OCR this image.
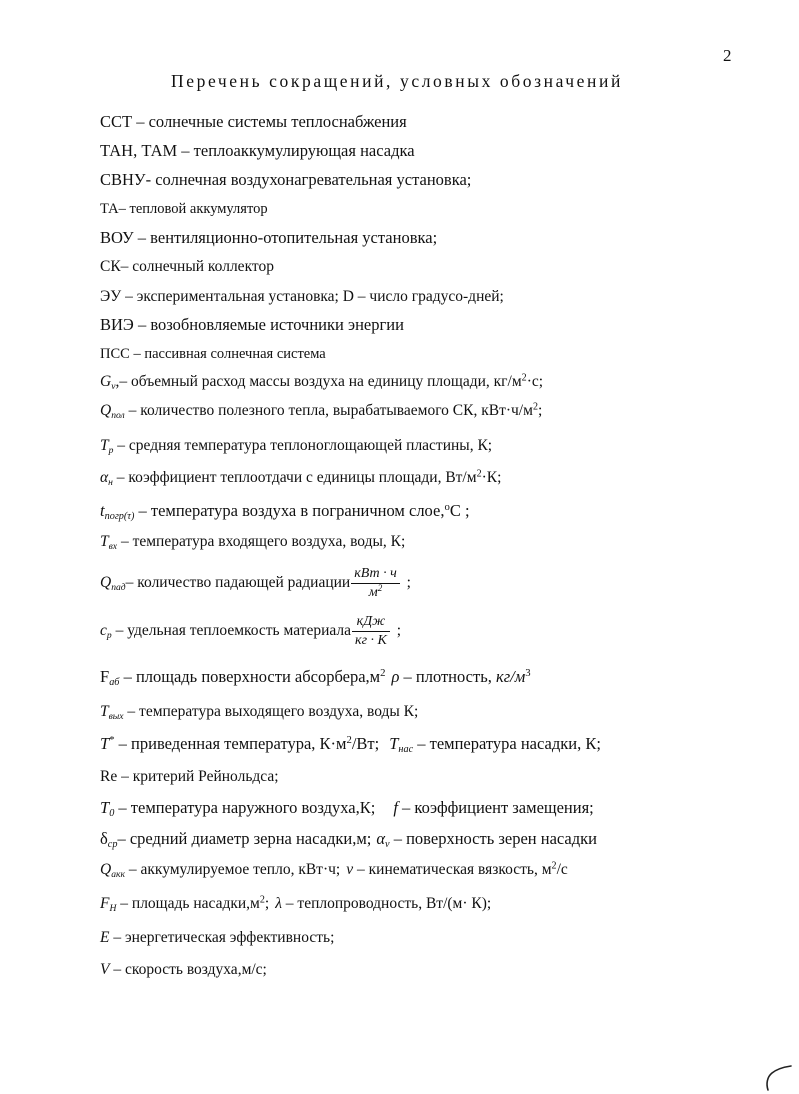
2
Перечень сокращений, условных обозначений
ССТ – солнечные системы теплоснабжения
ТАН, ТАМ – теплоаккумулирующая насадка
СВНУ- солнечная воздухонагревательная установка;
ТА– тепловой аккумулятор
ВОУ – вентиляционно-отопительная установка;
СК– солнечный коллектор
ЭУ – экспериментальная установка; D – число градусо-дней;
ВИЭ – возобновляемые источники энергии
ПСС – пассивная солнечная система
$G_v,-$ объемный расход массы воздуха на единицу площади, $кг/м^2\cdot с$;
$Q_{пол}$ – количество полезного тепла, вырабатываемого СК, $кВт\cdot ч/м^2$;
$T_p$ – средняя температура теплоноглощающей пластины, К;
$\alpha_н$ – коэффициент теплоотдачи с единицы площади, $Вт/м^2\cdot К$;
$t_{погр(\tau)}$ – температура воздуха в пограничном слое,$^o$С ;
$T_{вх}$ – температура входящего воздуха, воды, К;
$Q_{пад}-$ количество падающей радиации $\frac{\text{кВт · ч}}{м^2}$ ;
$c_p$ – удельная теплоемкость материала $\frac{\text{кДж}}{кг \cdot К}$ ;
$F_{аб}$ – площадь поверхности $абсорбера,м^2$ ρ – плотность, $кг/м^3$
$T_{вых}$ – температура выходящего воздуха, воды К;
T* – приведенная температура, $К\cdot м^2/Вт$; $T_{нас}$ – температура насадки, К;
Re – критерий Рейнольдса;
$T_0$ – температура наружного воздуха,К; f – коэффициент замещения;
$\delta_{ср}-$ средний диаметр зерна насадки,м; $\alpha_v$ – поверхность зерен насадки
$Q_{акк}$ – аккумулируемое тепло, кВт·ч; ν – кинематическая вязкость, $м^2/с$
$F_H$ – площадь $насадки,м^2$; λ – теплопроводность, Вт/(м· К);
E – энергетическая эффективность;
V – скорость воздуха,м/с;
